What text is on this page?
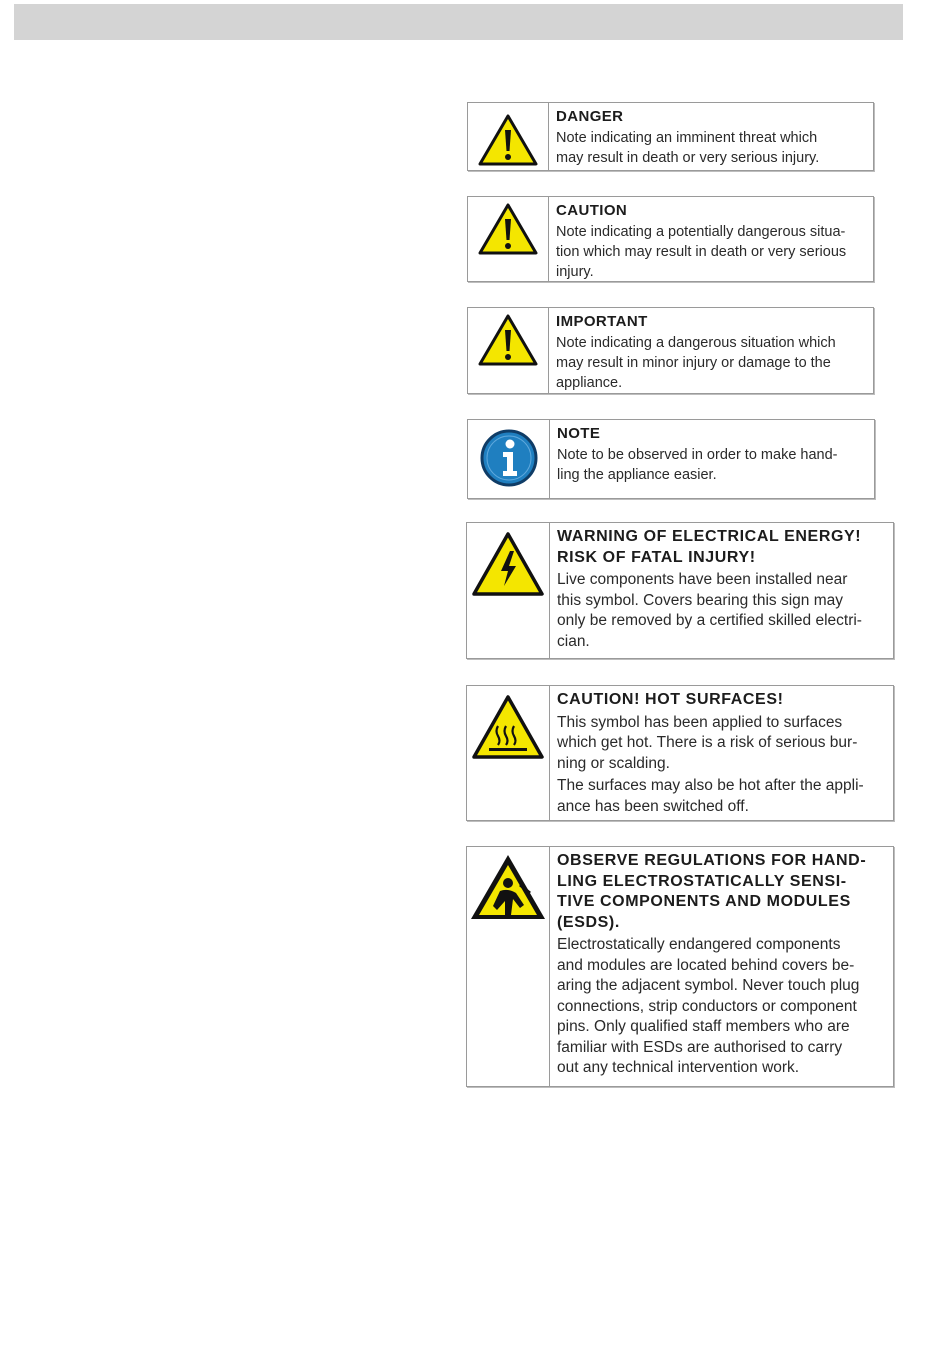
DANGER
Note indicating an imminent threat which
may result in death or very serious injury.
CAUTION
Note indicating a potentially dangerous situa-
tion which may result in death or very serious
injury.
IMPORTANT
Note indicating a dangerous situation which
may result in minor injury or damage to the
appliance.
NOTE
Note to be observed in order to make hand-
ling the appliance easier.
WARNING OF ELECTRICAL ENERGY!
RISK OF FATAL INJURY!
Live components have been installed near
this symbol. Covers bearing this sign may
only be removed by a certified skilled electri-
cian.
CAUTION! HOT SURFACES!
This symbol has been applied to surfaces
which get hot. There is a risk of serious bur-
ning or scalding.
The surfaces may also be hot after the appli-
ance has been switched off.
OBSERVE REGULATIONS FOR HAND-
LING ELECTROSTATICALLY SENSI-
TIVE COMPONENTS AND MODULES
(ESDS).
Electrostatically endangered components
and modules are located behind covers be-
aring the adjacent symbol. Never touch plug
connections, strip conductors or component
pins. Only qualified staff members who are
familiar with ESDs are authorised to carry
out any technical intervention work.
